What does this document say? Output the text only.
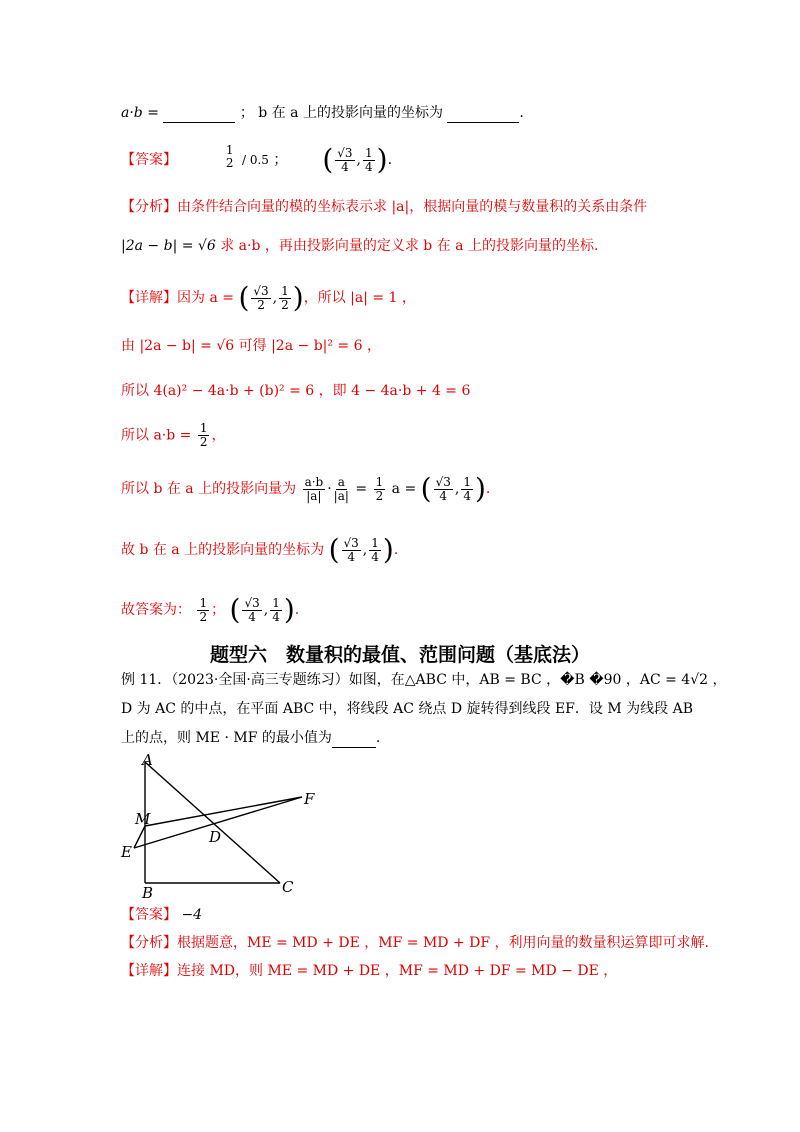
a·b =	； b 在 a 上的投影向量的坐标为	.
【答案】
1
2 / 0.5 ； ( $\frac{√3}{4}$ , $\frac{1}{4}$ ).
【分析】由条件结合向量的模的坐标表示求 |a|，根据向量的模与数量积的关系由条件
|2a − b| = √6 求 a·b ，再由投影向量的定义求 b 在 a 上的投影向量的坐标.
【详解】因为 a = ( $\frac{√3}{2}$ , $\frac{1}{2}$ )，所以 |a| = 1 ，
由 |2a − b| = √6 可得 |2a − b|² = 6 ，
所以 4(a)² − 4a·b + (b)² = 6 ，即 4 − 4a·b + 4 = 6
所以 $a\cdot b = \frac{1}{2}$ ，
所以 b 在 a 上的投影向量为 $\frac{a\cdot b}{|a|} \cdot \frac{a}{|a|} = \frac{1}{2}$ a = ( $\frac{√3}{4}$ , $\frac{1}{4}$ ).
故 b 在 a 上的投影向量的坐标为 ( $\frac{√3}{4}$ , $\frac{1}{4}$ ).
故答案为： $\frac{1}{2}$ ； ( $\frac{√3}{4}$ , $\frac{1}{4}$ ).
题型六　数量积的最值、范围问题（基底法）
例 11．（2023·全国·高三专题练习）如图，在△ABC 中，AB = BC ，�B �90 ，AC = 4√2 ，
D 为 AC 的中点，在平面 ABC 中，将线段 AC 绕点 D 旋转得到线段 EF．设 M 为线段 AB
上的点，则 ME · MF 的最小值为	.
A
B	C
D
E
F
M
【答案】 −4
【分析】根据题意，ME = MD + DE ，MF = MD + DF ，利用向量的数量积运算即可求解.
【详解】连接 MD，则 ME = MD + DE ，MF = MD + DF = MD − DE ，
